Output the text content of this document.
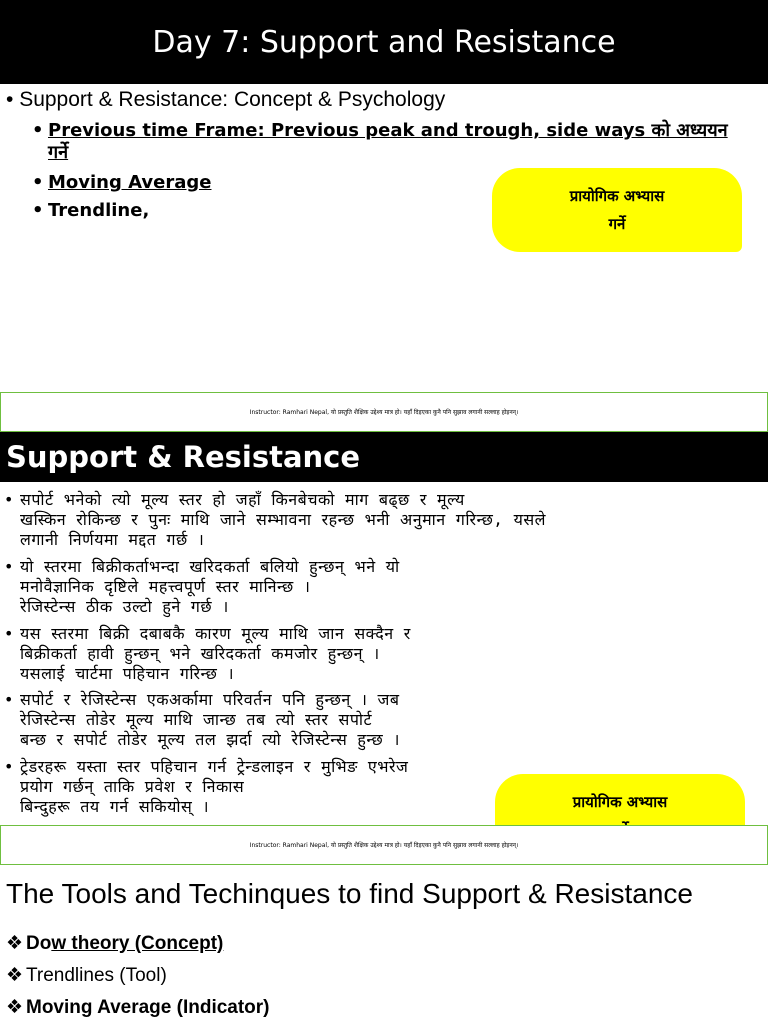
Day 7: Support and Resistance
• Support & Resistance: Concept & Psychology
• Previous time Frame: Previous peak and trough, side ways को अध्ययन
गर्ने
• Moving Average
• Trendline,
प्रायोगिक अभ्यास
गर्ने
Instructor: Ramhari Nepal, यो प्रस्तुति शैक्षिक उद्देश्य मात्र हो। यहाँ दिइएका कुनै पनि सुझाव लगानी सल्लाह होइनन्।
Support & Resistance
• सपोर्ट भनेको त्यो मूल्य स्तर हो जहाँ किनबेचको माग बढ्छ र मूल्य
खस्किन रोकिन्छ र पुनः माथि जाने सम्भावना रहन्छ भनी अनुमान गरिन्छ, यसले
लगानी निर्णयमा मद्दत गर्छ ।
• यो स्तरमा बिक्रीकर्ताभन्दा खरिदकर्ता बलियो हुन्छन् भने यो
मनोवैज्ञानिक दृष्टिले महत्त्वपूर्ण स्तर मानिन्छ ।
रेजिस्टेन्स ठीक उल्टो हुने गर्छ ।
• यस स्तरमा बिक्री दबाबकै कारण मूल्य माथि जान सक्दैन र
बिक्रीकर्ता हावी हुन्छन् भने खरिदकर्ता कमजोर हुन्छन् ।
यसलाई चार्टमा पहिचान गरिन्छ ।
• सपोर्ट र रेजिस्टेन्स एकअर्कामा परिवर्तन पनि हुन्छन् । जब
रेजिस्टेन्स तोडेर मूल्य माथि जान्छ तब त्यो स्तर सपोर्ट
बन्छ र सपोर्ट तोडेर मूल्य तल झर्दा त्यो रेजिस्टेन्स हुन्छ ।
• ट्रेडरहरू यस्ता स्तर पहिचान गर्न ट्रेन्डलाइन र मुभिङ एभरेज
प्रयोग गर्छन् ताकि प्रवेश र निकास
बिन्दुहरू तय गर्न सकियोस् ।	प्रायोगिक अभ्यास
Instructor: Ramhari Nepal, यो प्रस्तुति शैक्षिक उद्देश्य मात्र हो। यहाँ दिइएका कुनै पनि सुझाव लगानी सल्लाह होइनन्।
The Tools and Techinques to find Support & Resistance
❖ Dow theory (Concept)
❖ Trendlines (Tool)
❖ Moving Average (Indicator)
